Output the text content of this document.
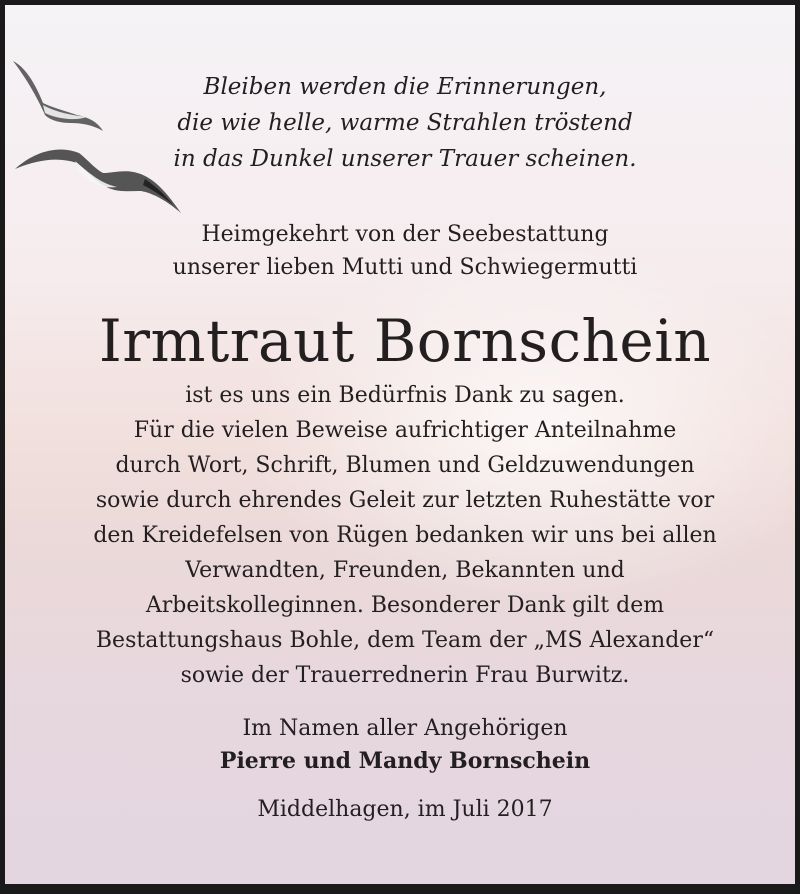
Bleiben werden die Erinnerungen,
die wie helle, warme Strahlen tröstend
in das Dunkel unserer Trauer scheinen.
Heimgekehrt von der Seebestattung
unserer lieben Mutti und Schwiegermutti
Irmtraut Bornschein
ist es uns ein Bedürfnis Dank zu sagen.
Für die vielen Beweise aufrichtiger Anteilnahme
durch Wort, Schrift, Blumen und Geldzuwendungen
sowie durch ehrendes Geleit zur letzten Ruhestätte vor
den Kreidefelsen von Rügen bedanken wir uns bei allen
Verwandten, Freunden, Bekannten und
Arbeitskolleginnen. Besonderer Dank gilt dem
Bestattungshaus Bohle, dem Team der „MS Alexander“
sowie der Trauerrednerin Frau Burwitz.
Im Namen aller Angehörigen
Pierre und Mandy Bornschein
Middelhagen, im Juli 2017
